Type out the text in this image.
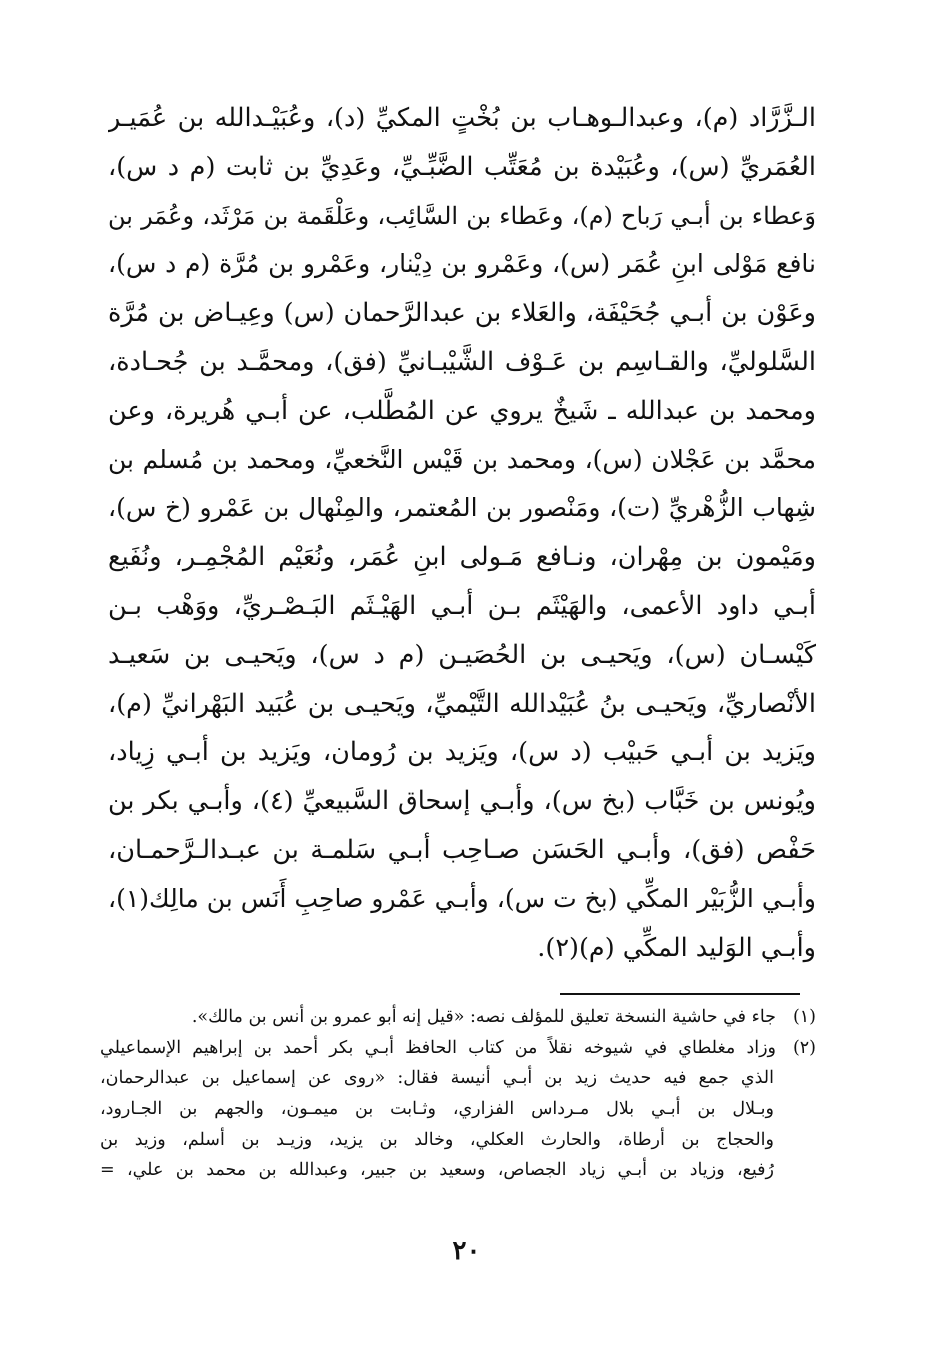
الـزَّرَّاد (م)، وعبدالـوهـاب بن بُخْتٍ المكيِّ (د)، وعُبَيْـدالله بن عُمَيـر
العُمَريِّ (س)، وعُبَيْدة بن مُعَتِّب الضَّبِّـيِّ، وعَدِيِّ بن ثابت (م د س)،
وَعطاء بن أبـي رَباح (م)، وعَطاء بن السَّائِب، وعَلْقَمة بن مَرْثَد، وعُمَر بن
نافع مَوْلى ابنِ عُمَر (س)، وعَمْرو بن دِيْنار، وعَمْرو بن مُرَّة (م د س)،
وعَوْن بن أبـي جُحَيْفَة، والعَلاء بن عبدالرَّحمان (س) وعِيـاض بن مُرَّة
السَّلوليِّ، والقـاسِم بن عَـوْف الشَّيْبـانيِّ (فق)، ومحمَّـد بن جُحـادة،
ومحمد بن عبدالله ـ شَيخٌ يروي عن المُطَّلب، عن أبـي هُريرة، وعن
محمَّد بن عَجْلان (س)، ومحمد بن قَيْس النَّخعيِّ، ومحمد بن مُسلم بن
شِهاب الزُّهْريِّ (ت)، ومَنْصور بن المُعتمر، والمِنْهال بن عَمْرو (خ س)،
ومَيْمون بن مِهْران، ونـافع مَـولى ابنِ عُمَر، ونُعَيْم المُجْمِـر، ونُفَيع
أبـي داود الأعمى، والهَيْثَم بـن أبـي الهَيْـثَم البَـصْـريِّ، ووَهْب بـن
كَيْسـان (س)، ويَحيـى بن الحُصَيـن (م د س)، ويَحيـى بن سَعيـد
الأنْصاريِّ، ويَحيـى بنُ عُبَيْدالله التَّيْميِّ، ويَحيـى بن عُبَيد البَهْرانيِّ (م)،
ويَزيد بن أبـي حَبيْب (د س)، ويَزيد بن رُومان، ويَزيد بن أبـي زِياد،
ويُونس بن خَبَّاب (بخ س)، وأبـي إسحاق السَّبيعيِّ (٤)، وأبـي بكر بن
حَفْص (فق)، وأبـي الحَسَن صـاحِب أبـي سَلمـة بن عبـدالـرَّحمـان،
وأبـي الزُّبَيْر المكِّي (بخ ت س)، وأبـي عَمْرو صاحِبِ أَنَس بن مالِك(١)،
وأبـي الوَليد المكِّي (م)(٢).
(١)جاء في حاشية النسخة تعليق للمؤلف نصه: «قيل إنه أبو عمرو بن أنس بن مالك».
(٢)وزاد مغلطاي في شيوخه نقلاً من كتاب الحافظ أبـي بكر أحمد بن إبراهيم الإسماعيلي
الذي جمع فيه حديث زيد بن أبـي أنيسة فقال: «روى عن إسماعيل بن عبدالرحمان،
وبـلال بن أبـي بلال مـرداس الفزاري، وثـابت بن ميمـون، والجهم بن الجـارود،
والحجاج بن أرطاة، والحارث العكلي، وخالد بن يزيد، وزيـد بن أسلم، وزيد بن
رُفيع، وزياد بن أبـي زياد الجصاص، وسعيد بن جبير، وعبدالله بن محمد بن علي، =
٢٠
